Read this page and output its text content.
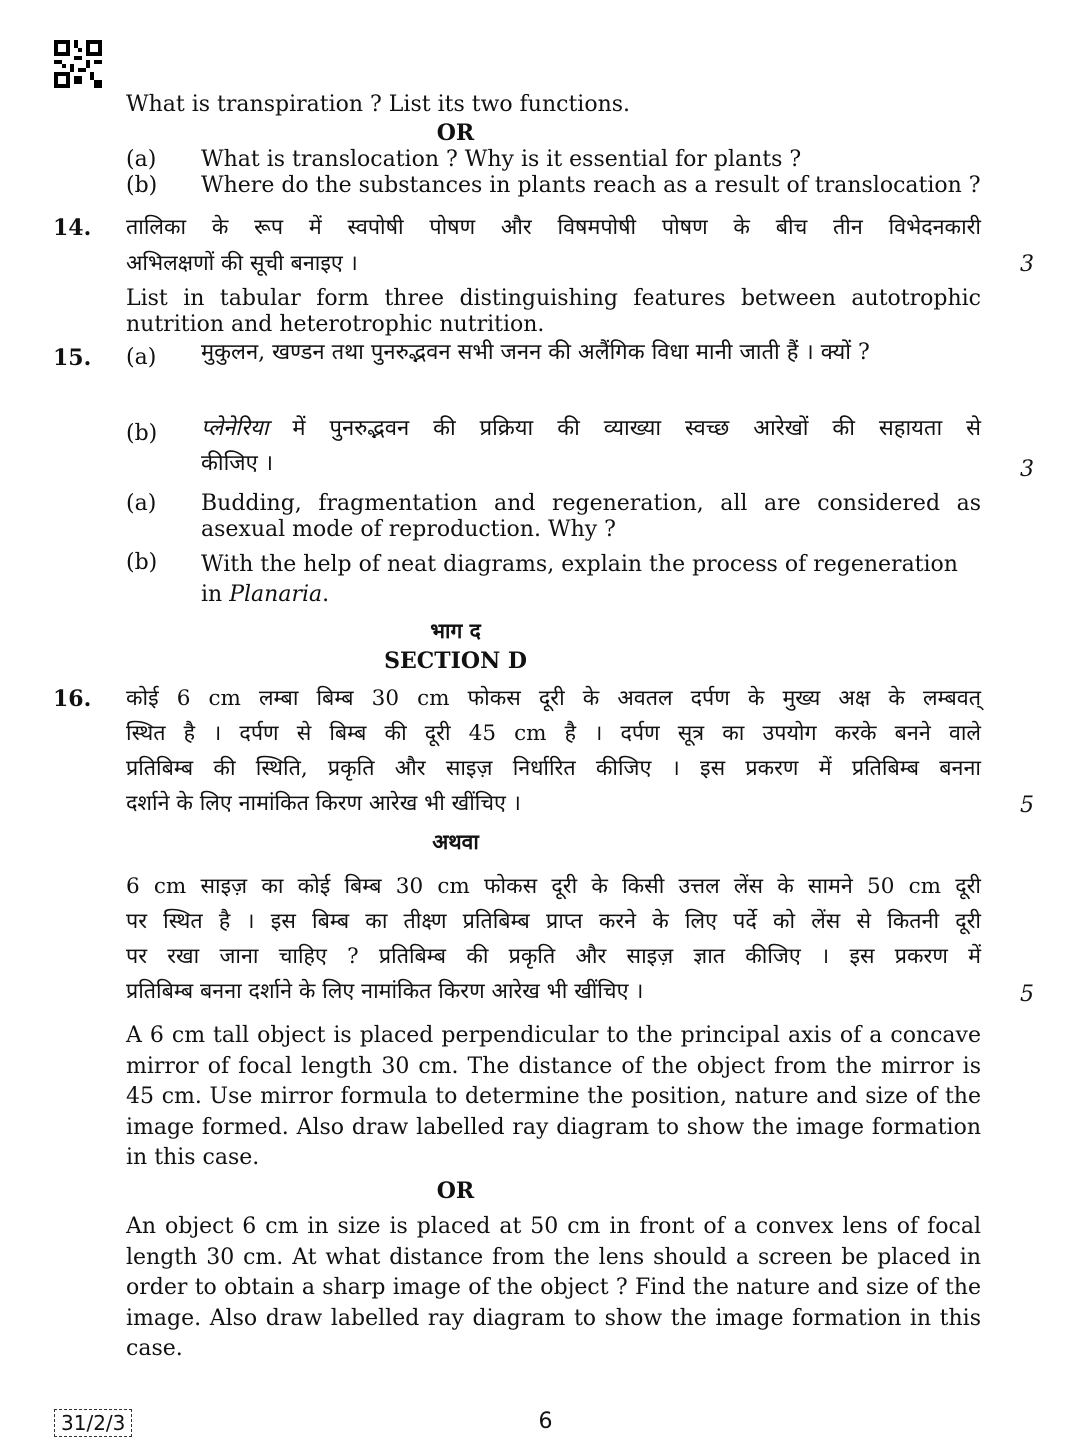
What is transpiration ? List its two functions.
OR
(a) What is translocation ? Why is it essential for plants ?
(b) Where do the substances in plants reach as a result of translocation ?
14. तालिका के रूप में स्वपोषी पोषण और विषमपोषी पोषण के बीच तीन विभेदनकारी
अभिलक्षणों की सूची बनाइए ।	3
List in tabular form three distinguishing features between autotrophic nutrition and heterotrophic nutrition.
15. (a) मुकुलन, खण्डन तथा पुनरुद्भवन सभी जनन की अलैंगिक विधा मानी जाती हैं । क्यों ?
(b) प्लेनेरिया में पुनरुद्भवन की प्रक्रिया की व्याख्या स्वच्छ आरेखों की सहायता से
कीजिए ।	3
(a) Budding, fragmentation and regeneration, all are considered as asexual mode of reproduction. Why ?
(b) With the help of neat diagrams, explain the process of regeneration in Planaria.
भाग द
SECTION D
16. कोई 6 cm लम्बा बिम्ब 30 cm फोकस दूरी के अवतल दर्पण के मुख्य अक्ष के लम्बवत्
स्थित है । दर्पण से बिम्ब की दूरी 45 cm है । दर्पण सूत्र का उपयोग करके बनने वाले
प्रतिबिम्ब की स्थिति, प्रकृति और साइज़ निर्धारित कीजिए । इस प्रकरण में प्रतिबिम्ब बनना
दर्शाने के लिए नामांकित किरण आरेख भी खींचिए ।	5
अथवा
6 cm साइज़ का कोई बिम्ब 30 cm फोकस दूरी के किसी उत्तल लेंस के सामने 50 cm दूरी
पर स्थित है । इस बिम्ब का तीक्ष्ण प्रतिबिम्ब प्राप्त करने के लिए पर्दे को लेंस से कितनी दूरी
पर रखा जाना चाहिए ? प्रतिबिम्ब की प्रकृति और साइज़ ज्ञात कीजिए । इस प्रकरण में
प्रतिबिम्ब बनना दर्शाने के लिए नामांकित किरण आरेख भी खींचिए ।	5
A 6 cm tall object is placed perpendicular to the principal axis of a concave mirror of focal length 30 cm. The distance of the object from the mirror is 45 cm. Use mirror formula to determine the position, nature and size of the image formed. Also draw labelled ray diagram to show the image formation in this case.
OR
An object 6 cm in size is placed at 50 cm in front of a convex lens of focal length 30 cm. At what distance from the lens should a screen be placed in order to obtain a sharp image of the object ? Find the nature and size of the image. Also draw labelled ray diagram to show the image formation in this case.
31/2/3	6
